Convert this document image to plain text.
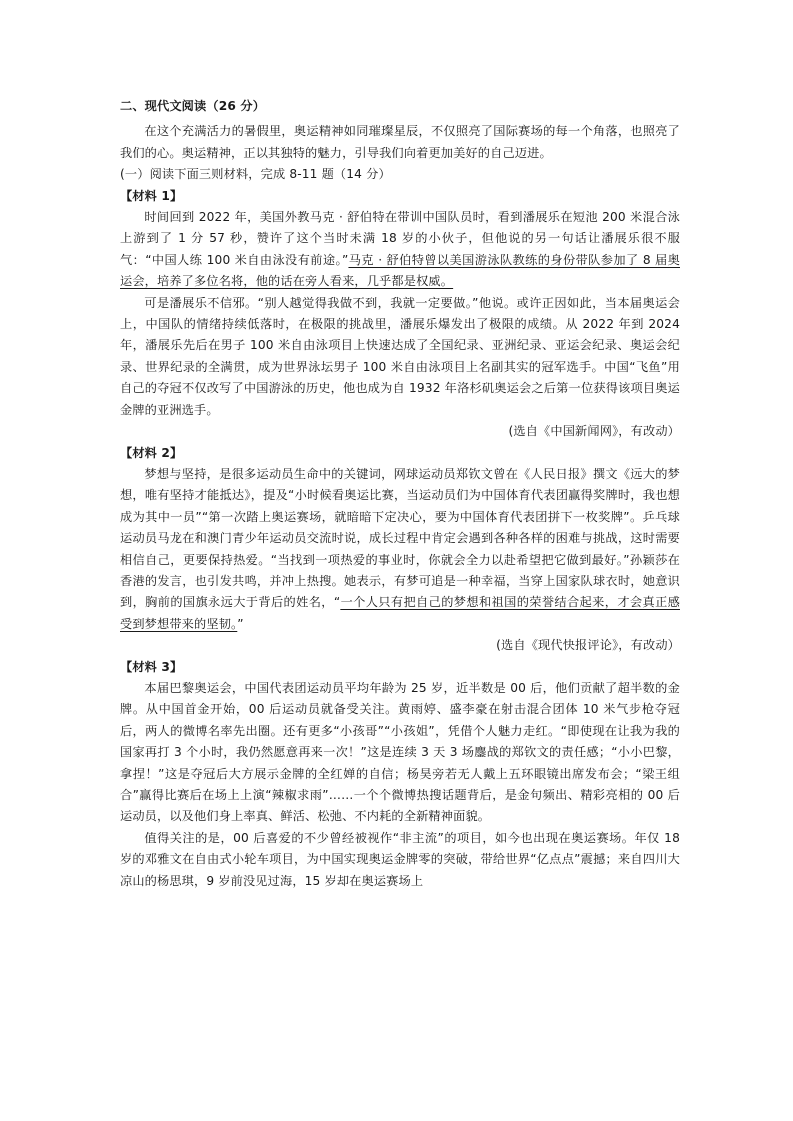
二、现代文阅读（26 分）

在这个充满活力的暑假里，奥运精神如同璀璨星辰，不仅照亮了国际赛场的每一个角落，也照亮了我们的心。奥运精神，正以其独特的魅力，引导我们向着更加美好的自己迈进。

(一）阅读下面三则材料，完成 8-11 题（14 分）

【材料 1】

时间回到 2022 年，美国外教马克 · 舒伯特在带训中国队员时，看到潘展乐在短池 200 米混合泳上游到了 1 分 57 秒，赞许了这个当时未满 18 岁的小伙子，但他说的另一句话让潘展乐很不服气：“中国人练 100 米自由泳没有前途。”马克 · 舒伯特曾以美国游泳队教练的身份带队参加了 8 届奥运会，培养了多位名将，他的话在旁人看来，几乎都是权威。

可是潘展乐不信邪。“别人越觉得我做不到，我就一定要做。”他说。或许正因如此，当本届奥运会上，中国队的情绪持续低落时，在极限的挑战里，潘展乐爆发出了极限的成绩。从 2022 年到 2024 年，潘展乐先后在男子 100 米自由泳项目上快速达成了全国纪录、亚洲纪录、亚运会纪录、奥运会纪录、世界纪录的全满贯，成为世界泳坛男子 100 米自由泳项目上名副其实的冠军选手。中国“飞鱼”用自己的夺冠不仅改写了中国游泳的历史，他也成为自 1932 年洛杉矶奥运会之后第一位获得该项目奥运金牌的亚洲选手。

(选自《中国新闻网》，有改动）

【材料 2】

梦想与坚持，是很多运动员生命中的关键词，网球运动员郑钦文曾在《人民日报》撰文《远大的梦想，唯有坚持才能抵达》，提及“小时候看奥运比赛，当运动员们为中国体育代表团赢得奖牌时，我也想成为其中一员”“第一次踏上奥运赛场，就暗暗下定决心，要为中国体育代表团拼下一枚奖牌”。乒乓球运动员马龙在和澳门青少年运动员交流时说，成长过程中肯定会遇到各种各样的困难与挑战，这时需要相信自己，更要保持热爱。“当找到一项热爱的事业时，你就会全力以赴希望把它做到最好。”孙颖莎在香港的发言，也引发共鸣，并冲上热搜。她表示，有梦可追是一种幸福，当穿上国家队球衣时，她意识到，胸前的国旗永远大于背后的姓名，“一个人只有把自己的梦想和祖国的荣誉结合起来，才会真正感受到梦想带来的坚韧。”

(选自《现代快报评论》，有改动）

【材料 3】

本届巴黎奥运会，中国代表团运动员平均年龄为 25 岁，近半数是 00 后，他们贡献了超半数的金牌。从中国首金开始，00 后运动员就备受关注。黄雨婷、盛李豪在射击混合团体 10 米气步枪夺冠后，两人的微博名率先出圈。还有更多“小孩哥”“小孩姐”，凭借个人魅力走红。“即使现在让我为我的国家再打 3 个小时，我仍然愿意再来一次！”这是连续 3 天 3 场鏖战的郑钦文的责任感；“小小巴黎，拿捏！”这是夺冠后大方展示金牌的全红婵的自信；杨昊旁若无人戴上五环眼镜出席发布会；“梁王组合”赢得比赛后在场上上演“辣椒求雨”……一个个微博热搜话题背后，是金句频出、精彩亮相的 00 后运动员，以及他们身上率真、鲜活、松弛、不内耗的全新精神面貌。

值得关注的是，00 后喜爱的不少曾经被视作“非主流”的项目，如今也出现在奥运赛场。年仅 18 岁的邓雅文在自由式小轮车项目，为中国实现奥运金牌零的突破，带给世界“亿点点”震撼；来自四川大凉山的杨思琪，9 岁前没见过海，15 岁却在奥运赛场上
